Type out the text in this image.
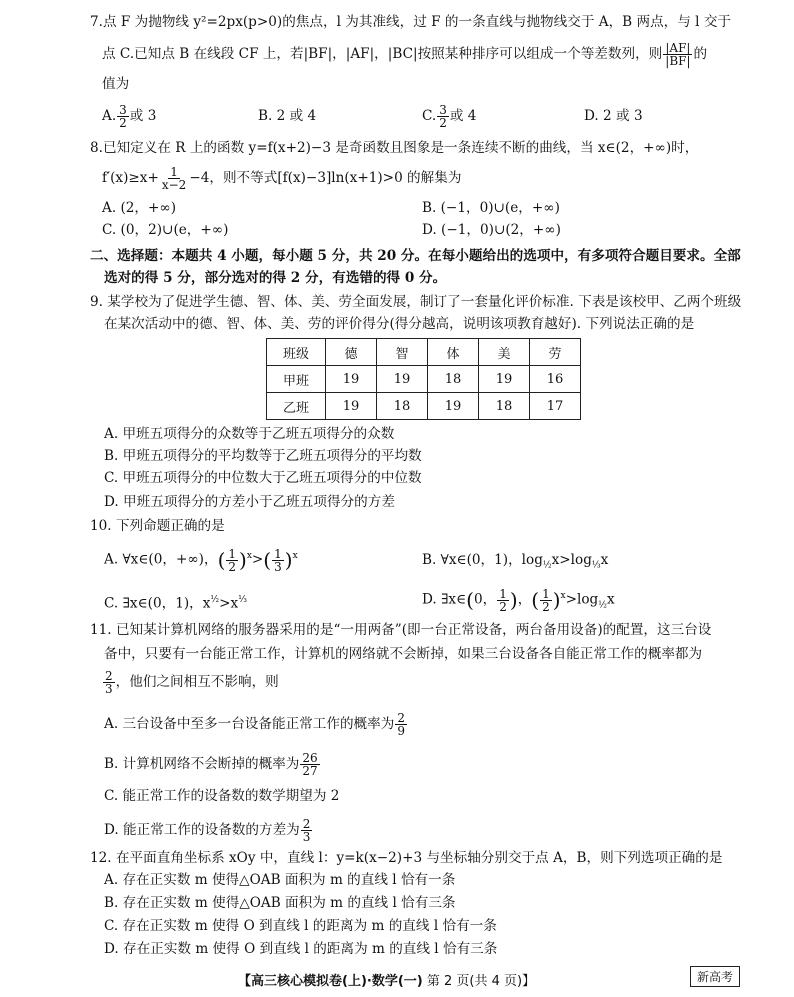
7.点 F 为抛物线 y²=2px(p>0)的焦点，l 为其准线，过 F 的一条直线与抛物线交于 A，B 两点，与 l 交于
点 C.已知点 B 在线段 CF 上，若|BF|，|AF|，|BC|按照某种排序可以组成一个等差数列，则 $\frac{|AF|}{|BF|}$ 的
值为
A. $\frac{3}{2}$ 或 3	B. 2 或 4	C. $\frac{3}{2}$ 或 4	D. 2 或 3
8.已知定义在 R 上的函数 y=f(x+2)−3 是奇函数且图象是一条连续不断的曲线，当 x∈(2，+∞)时，
$f'(x)\ge x+ \frac{1}{x-2} -4$，则不等式[f(x)−3]ln(x+1)>0 的解集为
A. (2，+∞)	B. (−1，0)∪(e，+∞)
C. (0，2)∪(e，+∞)	D. (−1，0)∪(2，+∞)
二、选择题：本题共 4 小题，每小题 5 分，共 20 分。在每小题给出的选项中，有多项符合题目要求。全部
选对的得 5 分，部分选对的得 2 分，有选错的得 0 分。
9. 某学校为了促进学生德、智、体、美、劳全面发展，制订了一套量化评价标准. 下表是该校甲、乙两个班级
在某次活动中的德、智、体、美、劳的评价得分(得分越高，说明该项教育越好). 下列说法正确的是
班级	德	智	体	美	劳
甲班	19	19	18	19	16
乙班	19	18	19	18	17
A. 甲班五项得分的众数等于乙班五项得分的众数
B. 甲班五项得分的平均数等于乙班五项得分的平均数
C. 甲班五项得分的中位数大于乙班五项得分的中位数
D. 甲班五项得分的方差小于乙班五项得分的方差
10. 下列命题正确的是
A. ∀x∈(0，+∞)，( $\frac{1}{2} )^x>( \frac{1}{3} )^x$	B. ∀x∈(0，1)，$\log_{\frac{1}{2}}x>\log_{\frac{1}{3}}x$
C. ∃x∈(0，1)，$x^{\frac{1}{2}}>x^{\frac{1}{3}}$	D. ∃x∈(0， $\frac{1}{2}$ )，( $\frac{1}{2} )^x>\log_{\frac{1}{2}}x$
11. 已知某计算机网络的服务器采用的是“一用两备”(即一台正常设备，两台备用设备)的配置，这三台设
备中，只要有一台能正常工作，计算机的网络就不会断掉，如果三台设备各自能正常工作的概率都为
$\frac{2}{3}$ ，他们之间相互不影响，则
A. 三台设备中至多一台设备能正常工作的概率为 $\frac{2}{9}$
B. 计算机网络不会断掉的概率为 $\frac{26}{27}$
C. 能正常工作的设备数的数学期望为 2
D. 能正常工作的设备数的方差为 $\frac{2}{3}$
12. 在平面直角坐标系 xOy 中，直线 l：y=k(x−2)+3 与坐标轴分别交于点 A，B，则下列选项正确的是
A. 存在正实数 m 使得△OAB 面积为 m 的直线 l 恰有一条
B. 存在正实数 m 使得△OAB 面积为 m 的直线 l 恰有三条
C. 存在正实数 m 使得 O 到直线 l 的距离为 m 的直线 l 恰有一条
D. 存在正实数 m 使得 O 到直线 l 的距离为 m 的直线 l 恰有三条
【高三核心模拟卷(上)·数学(一) 第 2 页(共 4 页)】	新高考
